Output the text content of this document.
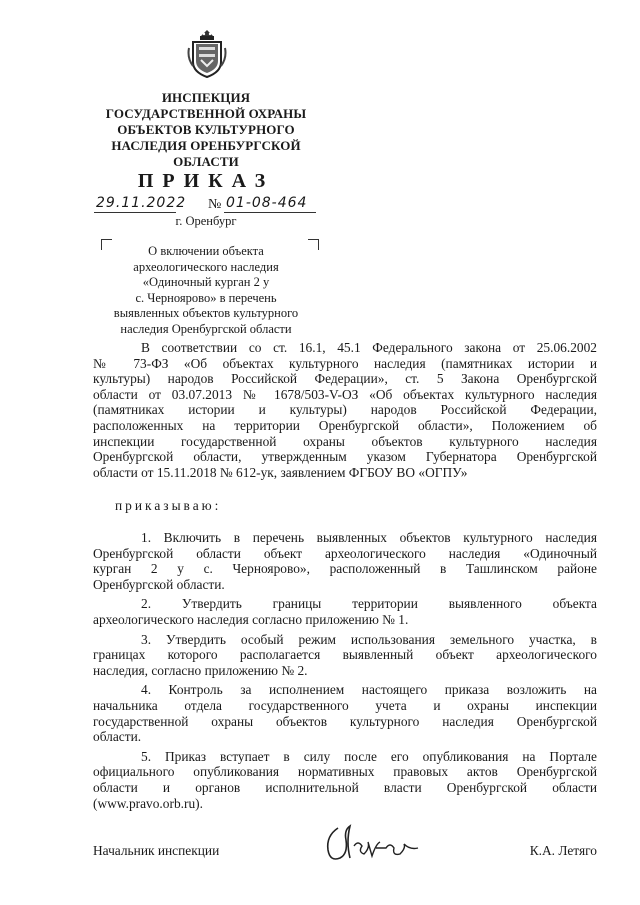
ИНСПЕКЦИЯ
ГОСУДАРСТВЕННОЙ ОХРАНЫ
ОБЪЕКТОВ КУЛЬТУРНОГО
НАСЛЕДИЯ ОРЕНБУРГСКОЙ
ОБЛАСТИ
ПРИКАЗ
29.11.2022 № 01-08-464
г. Оренбург
О включении объекта
археологического наследия
«Одиночный курган 2 у
с. Черноярово» в перечень
выявленных объектов культурного
наследия Оренбургской области
В соответствии со ст. 16.1, 45.1 Федерального закона от 25.06.2002
№ 73-ФЗ «Об объектах культурного наследия (памятниках истории и
культуры) народов Российской Федерации», ст. 5 Закона Оренбургской
области от 03.07.2013 № 1678/503-V-ОЗ «Об объектах культурного наследия
(памятниках истории и культуры) народов Российской Федерации,
расположенных на территории Оренбургской области», Положением об
инспекции государственной охраны объектов культурного наследия
Оренбургской области, утвержденным указом Губернатора Оренбургской
области от 15.11.2018 № 612-ук, заявлением ФГБОУ ВО «ОГПУ»
приказываю:
1. Включить в перечень выявленных объектов культурного наследия
Оренбургской области объект археологического наследия «Одиночный
курган 2 у с. Черноярово», расположенный в Ташлинском районе
Оренбургской области.
2. Утвердить границы территории выявленного объекта
археологического наследия согласно приложению № 1.
3. Утвердить особый режим использования земельного участка, в
границах которого располагается выявленный объект археологического
наследия, согласно приложению № 2.
4. Контроль за исполнением настоящего приказа возложить на
начальника отдела государственного учета и охраны инспекции
государственной охраны объектов культурного наследия Оренбургской
области.
5. Приказ вступает в силу после его опубликования на Портале
официального опубликования нормативных правовых актов Оренбургской
области и органов исполнительной власти Оренбургской области
(www.pravo.orb.ru).
Начальник инспекции	К.А. Летяго
